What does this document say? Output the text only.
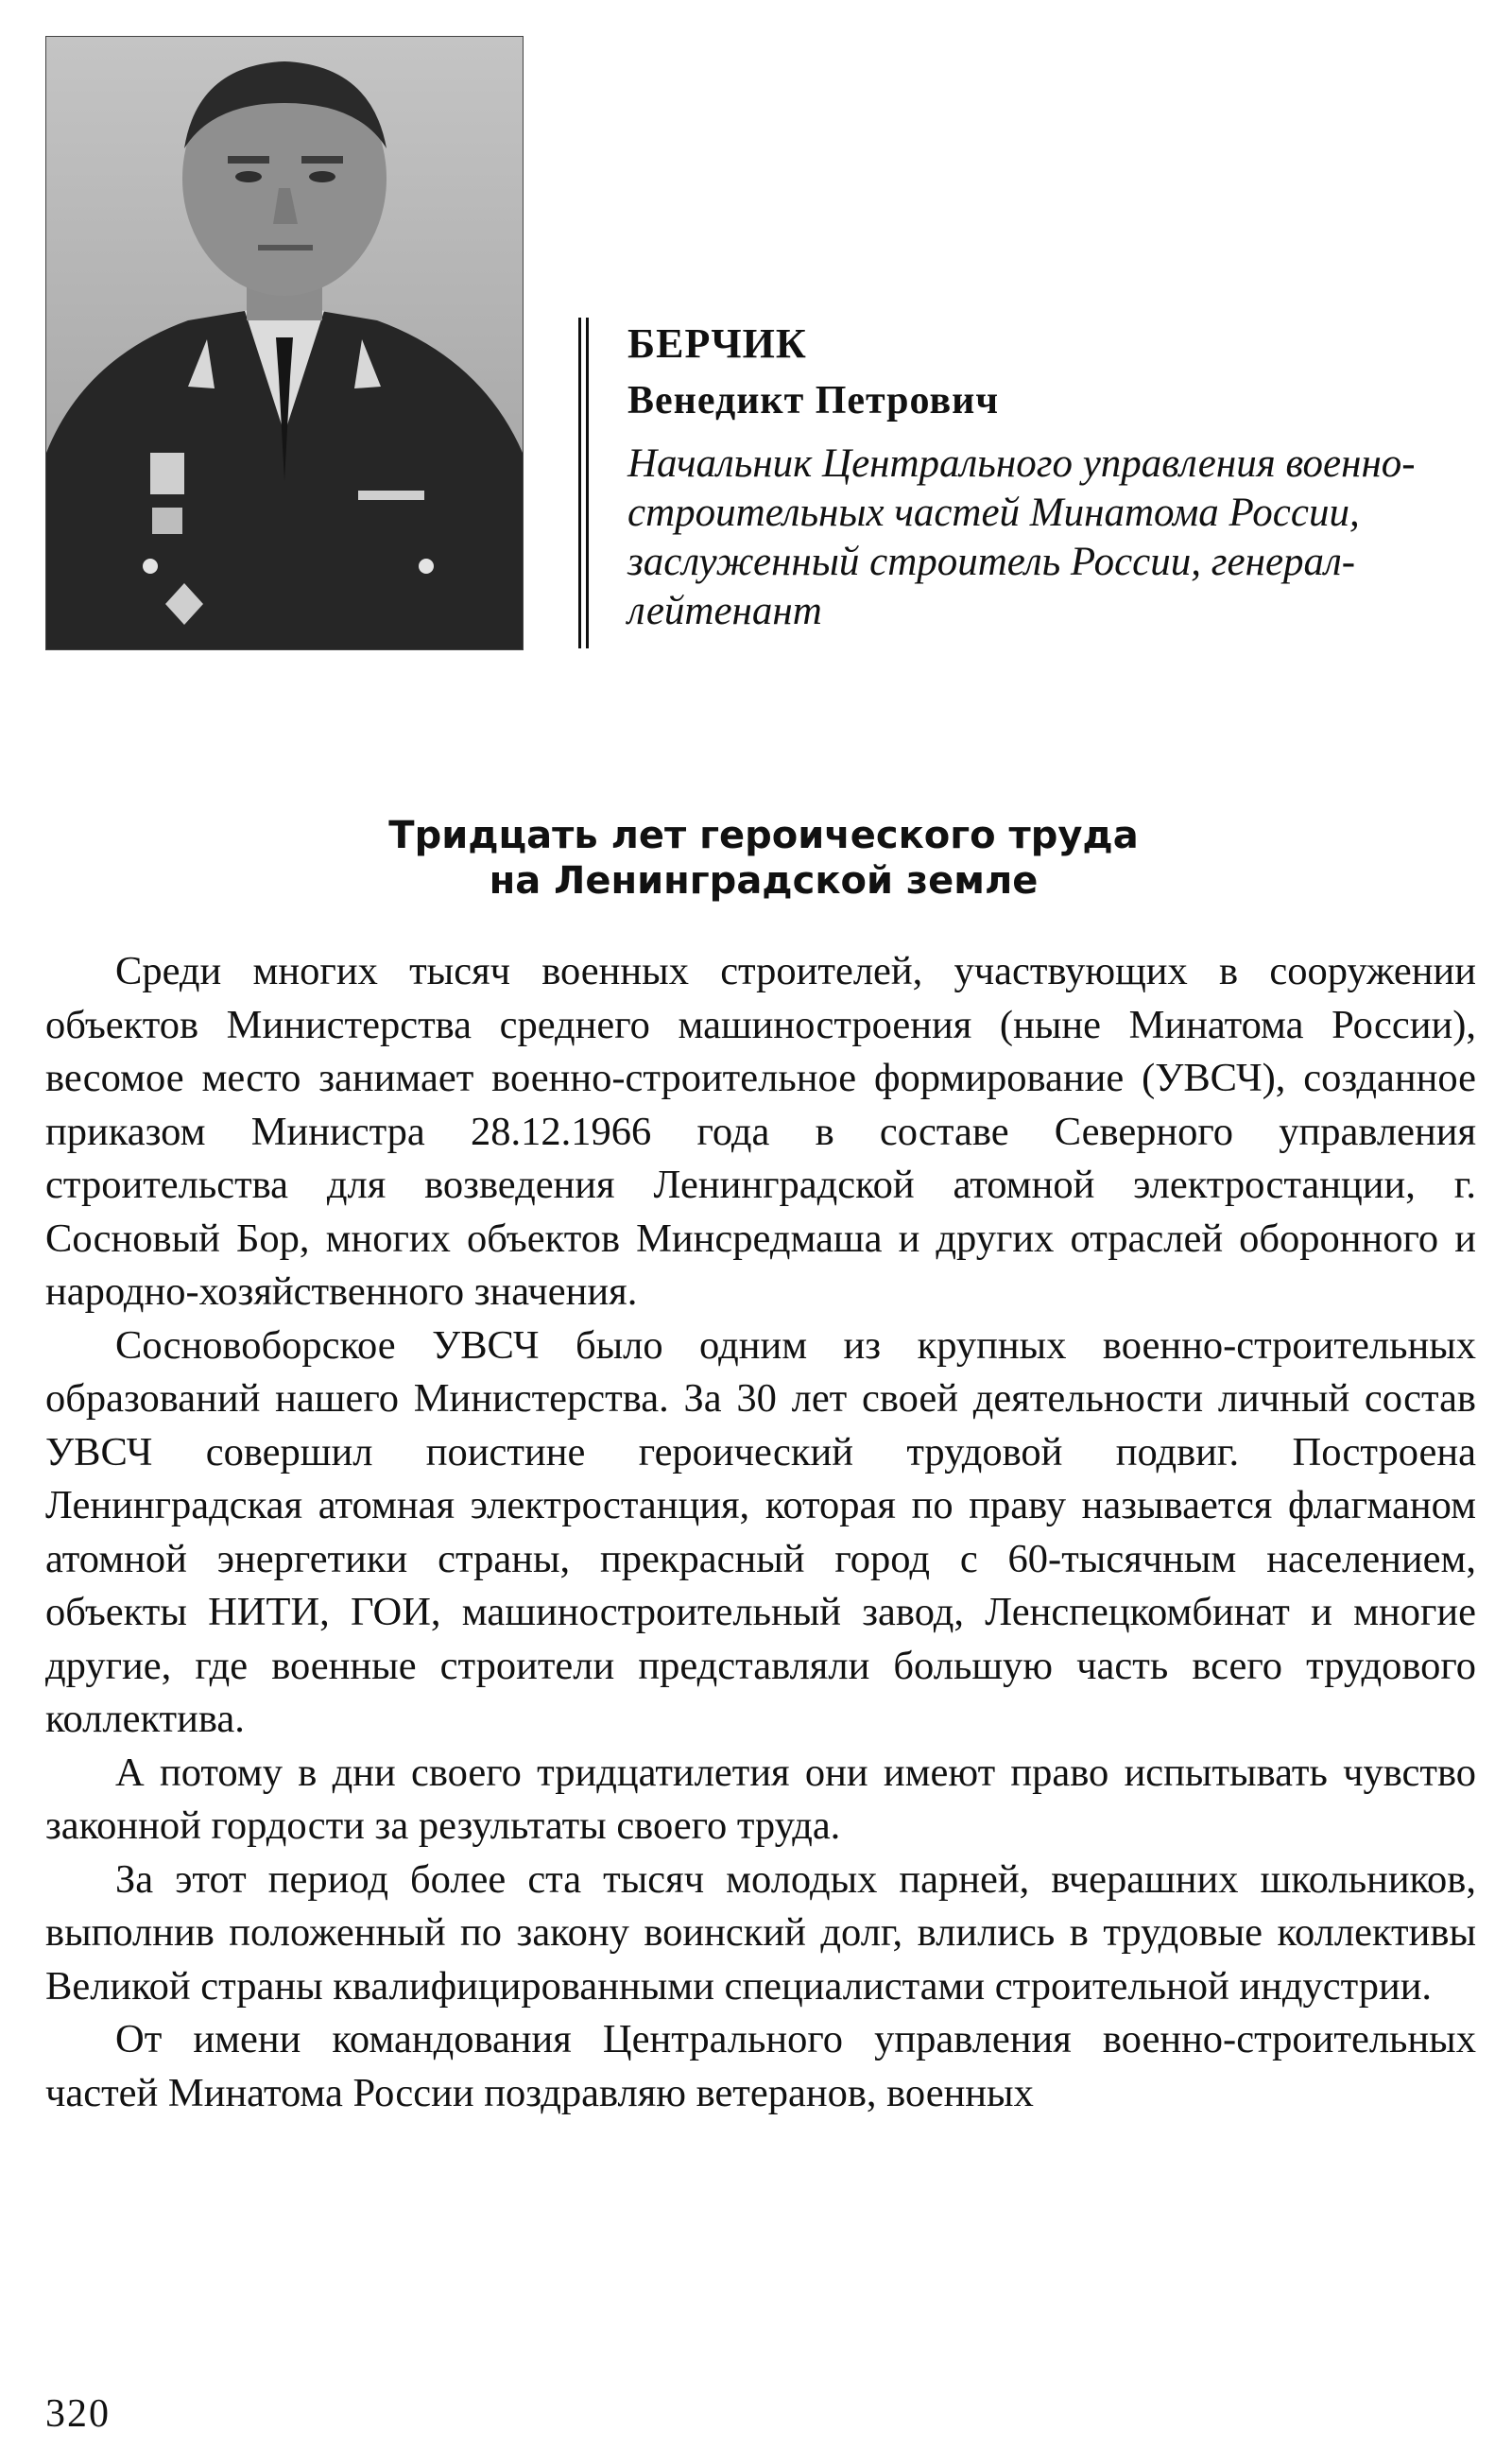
БЕРЧИК

Венедикт Петрович

Начальник Центрального управления военно-строительных частей Минатома России, заслуженный строитель России, генерал-лейтенант

Тридцать лет героического труда
на Ленинградской земле

Среди многих тысяч военных строителей, участвующих в сооружении объектов Министерства среднего машиностроения (ныне Минатома России), весомое место занимает военно-строительное формирование (УВСЧ), созданное приказом Министра 28.12.1966 года в составе Северного управления строительства для возведения Ленинградской атомной электростанции, г. Сосновый Бор, многих объектов Минсредмаша и других отраслей оборонного и народно-хозяйственного значения.

Сосновоборское УВСЧ было одним из крупных военно-строительных образований нашего Министерства. За 30 лет своей деятельности личный состав УВСЧ совершил поистине героический трудовой подвиг. Построена Ленинградская атомная электростанция, которая по праву называется флагманом атомной энергетики страны, прекрасный город с 60-тысячным населением, объекты НИТИ, ГОИ, машиностроительный завод, Ленспецкомбинат и многие другие, где военные строители представляли большую часть всего трудового коллектива.

А потому в дни своего тридцатилетия они имеют право испытывать чувство законной гордости за результаты своего труда.

За этот период более ста тысяч молодых парней, вчерашних школьников, выполнив положенный по закону воинский долг, влились в трудовые коллективы Великой страны квалифицированными специалистами строительной индустрии.

От имени командования Центрального управления военно-строительных частей Минатома России поздравляю ветеранов, военных

320
